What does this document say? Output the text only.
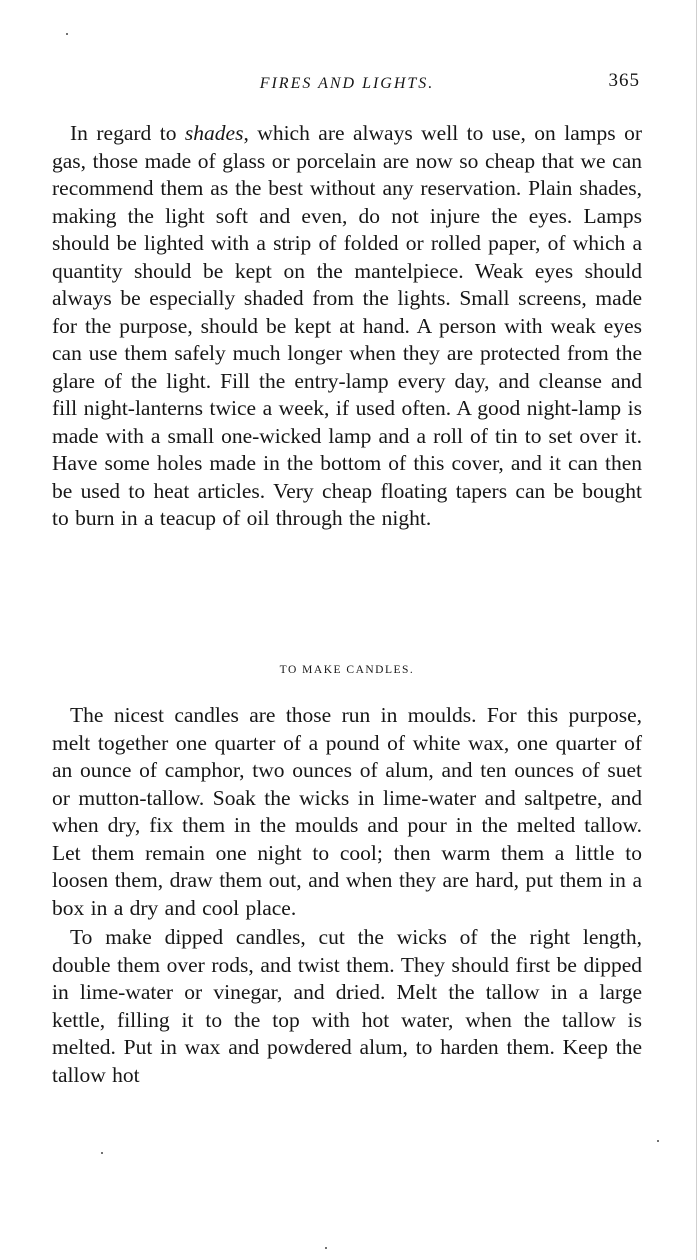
FIRES AND LIGHTS.	365

In regard to shades, which are always well to use, on lamps or gas, those made of glass or porcelain are now so cheap that we can recommend them as the best without any reservation. Plain shades, making the light soft and even, do not injure the eyes. Lamps should be lighted with a strip of folded or rolled paper, of which a quantity should be kept on the mantelpiece. Weak eyes should always be especially shaded from the lights. Small screens, made for the purpose, should be kept at hand. A person with weak eyes can use them safely much longer when they are protected from the glare of the light. Fill the entry-lamp every day, and cleanse and fill night-lanterns twice a week, if used often. A good night-lamp is made with a small one-wicked lamp and a roll of tin to set over it. Have some holes made in the bottom of this cover, and it can then be used to heat articles. Very cheap floating tapers can be bought to burn in a teacup of oil through the night.

TO MAKE CANDLES.

The nicest candles are those run in moulds. For this purpose, melt together one quarter of a pound of white wax, one quarter of an ounce of camphor, two ounces of alum, and ten ounces of suet or mutton-tallow. Soak the wicks in lime-water and saltpetre, and when dry, fix them in the moulds and pour in the melted tallow. Let them remain one night to cool; then warm them a little to loosen them, draw them out, and when they are hard, put them in a box in a dry and cool place.

To make dipped candles, cut the wicks of the right length, double them over rods, and twist them. They should first be dipped in lime-water or vinegar, and dried. Melt the tallow in a large kettle, filling it to the top with hot water, when the tallow is melted. Put in wax and powdered alum, to harden them. Keep the tallow hot
